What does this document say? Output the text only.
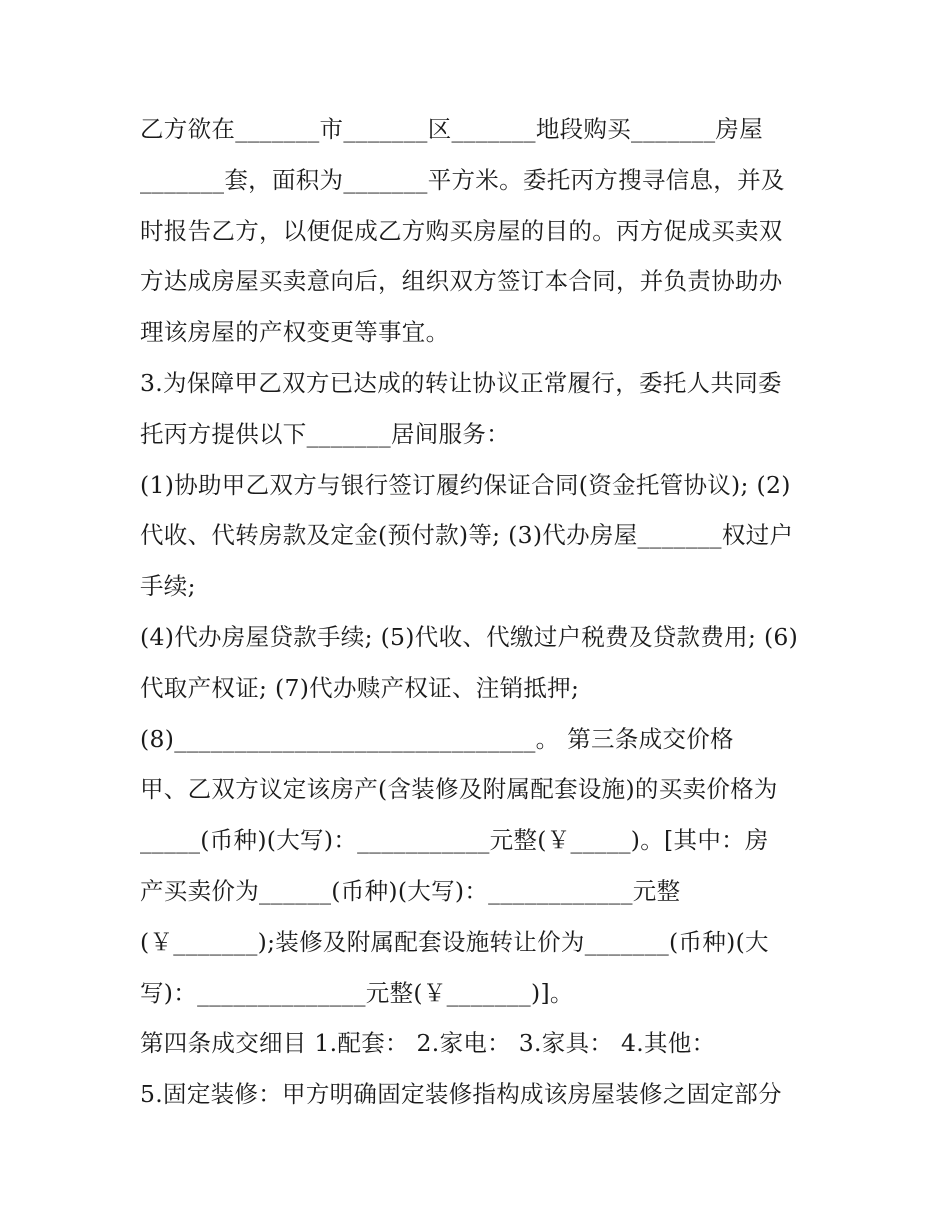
乙方欲在_______市_______区_______地段购买_______房屋
_______套，面积为_______平方米。委托丙方搜寻信息，并及
时报告乙方，以便促成乙方购买房屋的目的。丙方促成买卖双
方达成房屋买卖意向后，组织双方签订本合同，并负责协助办
理该房屋的产权变更等事宜。
3.为保障甲乙双方已达成的转让协议正常履行，委托人共同委
托丙方提供以下_______居间服务：
(1)协助甲乙双方与银行签订履约保证合同(资金托管协议); (2)
代收、代转房款及定金(预付款)等; (3)代办房屋_______权过户
手续;
(4)代办房屋贷款手续; (5)代收、代缴过户税费及贷款费用; (6)
代取产权证; (7)代办赎产权证、注销抵押;
(8)______________________________。 第三条成交价格
甲、乙双方议定该房产(含装修及附属配套设施)的买卖价格为
_____(币种)(大写)：___________元整(￥_____)。[其中：房
产买卖价为______(币种)(大写)：____________元整
(￥_______);装修及附属配套设施转让价为_______(币种)(大
写)：______________元整(￥_______)]。
第四条成交细目 1.配套： 2.家电： 3.家具： 4.其他：
5.固定装修：甲方明确固定装修指构成该房屋装修之固定部分
